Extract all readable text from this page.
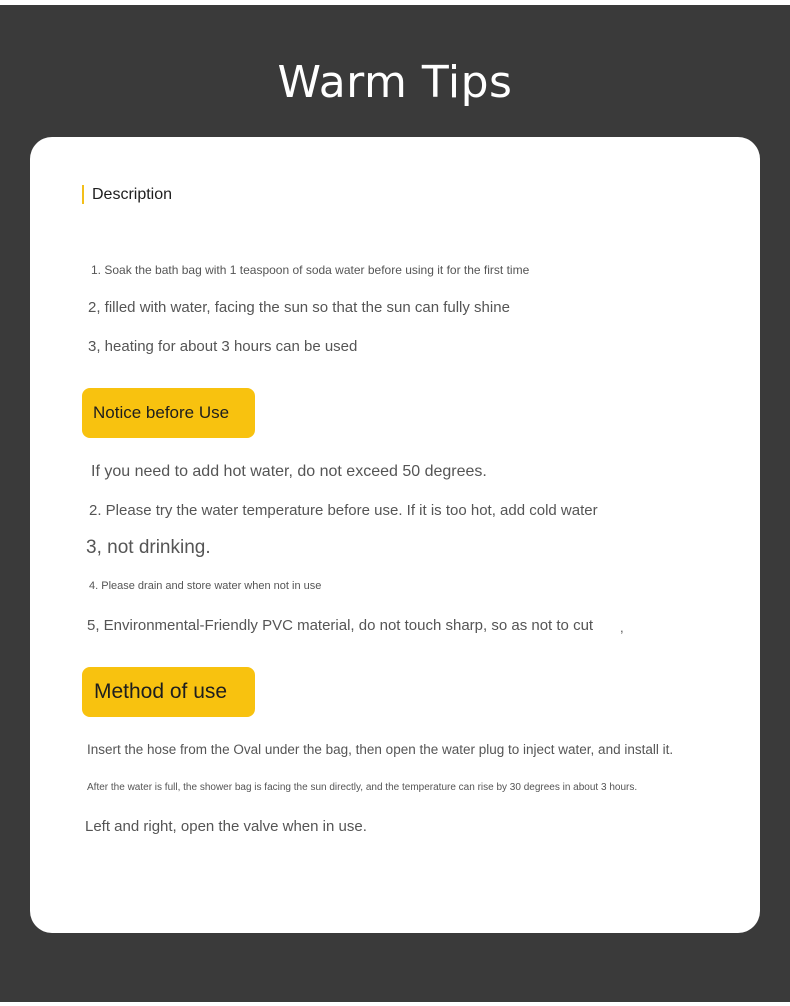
Warm Tips
Description
1. Soak the bath bag with 1 teaspoon of soda water before using it for the first time
2, filled with water, facing the sun so that the sun can fully shine
3, heating for about 3 hours can be used
Notice before Use
If you need to add hot water, do not exceed 50 degrees.
2. Please try the water temperature before use. If it is too hot, add cold water
3, not drinking.
4. Please drain and store water when not in use
5, Environmental-Friendly PVC material, do not touch sharp, so as not to cut ,
Method of use
Insert the hose from the Oval under the bag, then open the water plug to inject water, and install it.
After the water is full, the shower bag is facing the sun directly, and the temperature can rise by 30 degrees in about 3 hours.
Left and right, open the valve when in use.
